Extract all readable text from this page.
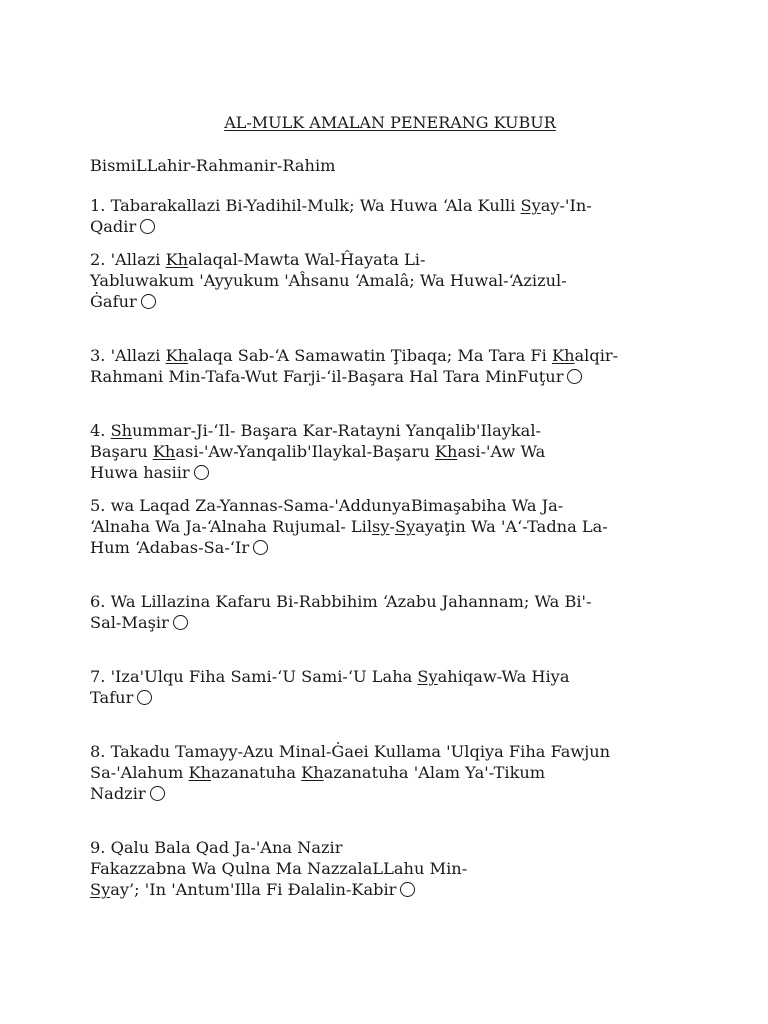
AL-MULK AMALAN PENERANG KUBUR
BismiLLahir-Rahmanir-Rahim
1. Tabarakallazi Bi-Yadihil-Mulk; Wa Huwa ‘Ala Kulli Syay-'In-
Qadir
2. 'Allazi Khalaqal-Mawta Wal-Ĥayata Li-
Yabluwakum 'Ayyukum 'Aĥsanu ‘Amalâ; Wa Huwal-‘Azizul-
Ġafur
3. 'Allazi Khalaqa Sab-‘A Samawatin Ţibaqa; Ma Tara Fi Khalqir-
Rahmani Min-Tafa-Wut Farji-‘il-Başara Hal Tara MinFuţur
4. Shummar-Ji-‘Il- Başara Kar-Ratayni Yanqalib'Ilaykal-
Başaru Khasi-'Aw-Yanqalib'Ilaykal-Başaru Khasi-'Aw Wa
Huwa hasiir
5. wa Laqad Za-Yannas-Sama-'AddunyaBimaşabiha Wa Ja-
‘Alnaha Wa Ja-‘Alnaha Rujumal- Lilsy-Syayaţin Wa 'A‘-Tadna La-
Hum ‘Adabas-Sa-‘Ir
6. Wa Lillazina Kafaru Bi-Rabbihim ‘Azabu Jahannam; Wa Bi'-
Sal-Maşir
7. 'Iza'Ulqu Fiha Sami-‘U Sami-‘U Laha Syahiqaw-Wa Hiya
Tafur
8. Takadu Tamayy-Azu Minal-Ġaei Kullama 'Ulqiya Fiha Fawjun
Sa-'Alahum Khazanatuha Khazanatuha 'Alam Ya'-Tikum
Nadzir
9. Qalu Bala Qad Ja-'Ana Nazir
Fakazzabna Wa Qulna Ma NazzalaLLahu Min-
Syay’; 'In 'Antum'Illa Fi Đalalin-Kabir
